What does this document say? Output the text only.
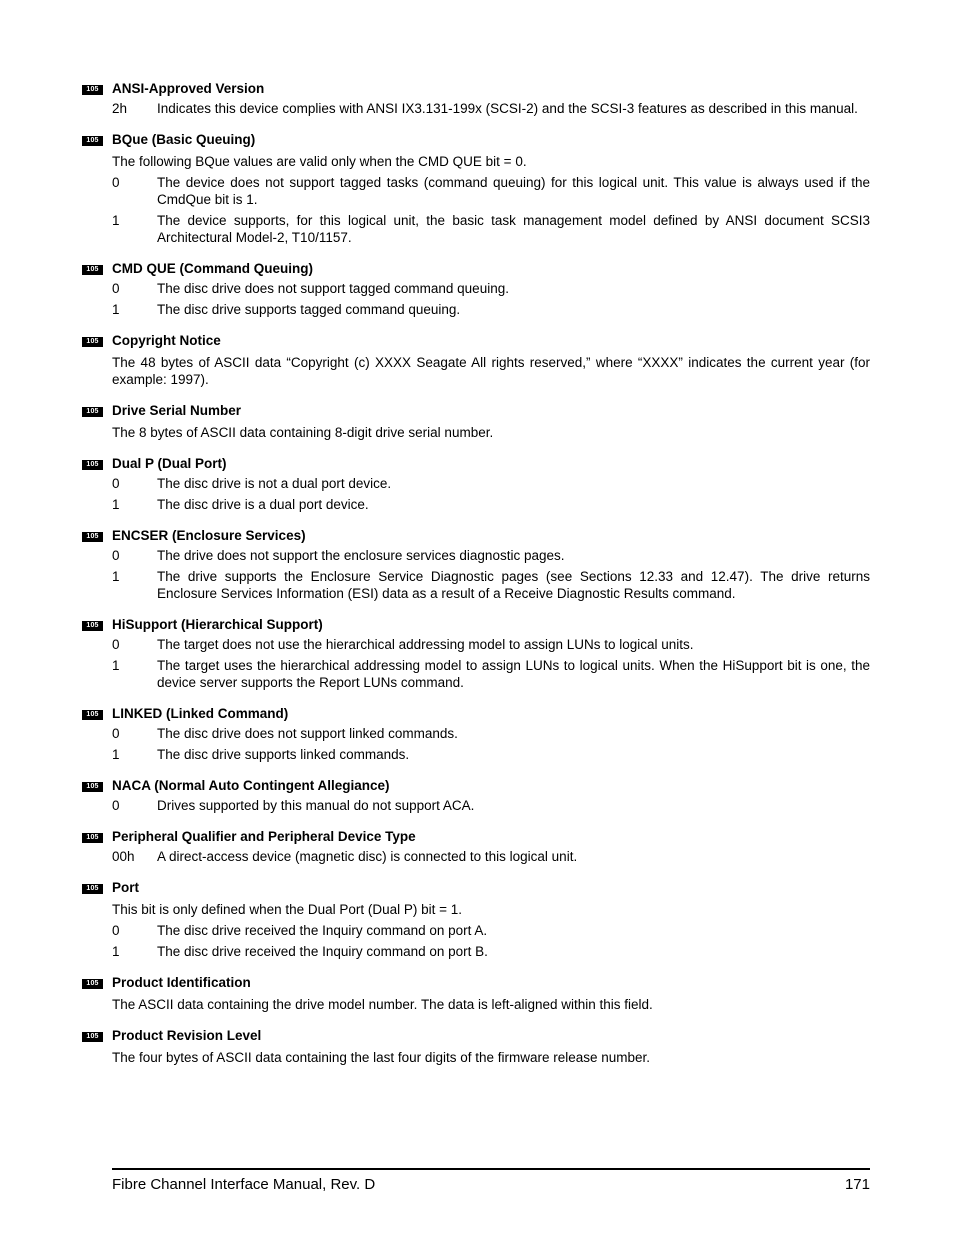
105 ANSI-Approved Version
2h	Indicates this device complies with ANSI IX3.131-199x (SCSI-2) and the SCSI-3 features as described in this manual.
105 BQue (Basic Queuing)
The following BQue values are valid only when the CMD QUE bit = 0.
0	The device does not support tagged tasks (command queuing) for this logical unit. This value is always used if the CmdQue bit is 1.
1	The device supports, for this logical unit, the basic task management model defined by ANSI document SCSI3 Architectural Model-2, T10/1157.
105 CMD QUE (Command Queuing)
0	The disc drive does not support tagged command queuing.
1	The disc drive supports tagged command queuing.
105 Copyright Notice
The 48 bytes of ASCII data “Copyright (c) XXXX Seagate All rights reserved,” where “XXXX” indicates the current year (for example: 1997).
105 Drive Serial Number
The 8 bytes of ASCII data containing 8-digit drive serial number.
105 Dual P (Dual Port)
0	The disc drive is not a dual port device.
1	The disc drive is a dual port device.
105 ENCSER (Enclosure Services)
0	The drive does not support the enclosure services diagnostic pages.
1	The drive supports the Enclosure Service Diagnostic pages (see Sections 12.33 and 12.47). The drive returns Enclosure Services Information (ESI) data as a result of a Receive Diagnostic Results command.
105 HiSupport (Hierarchical Support)
0	The target does not use the hierarchical addressing model to assign LUNs to logical units.
1	The target uses the hierarchical addressing model to assign LUNs to logical units. When the HiSupport bit is one, the device server supports the Report LUNs command.
105 LINKED (Linked Command)
0	The disc drive does not support linked commands.
1	The disc drive supports linked commands.
105 NACA (Normal Auto Contingent Allegiance)
0	Drives supported by this manual do not support ACA.
105 Peripheral Qualifier and Peripheral Device Type
00h	A direct-access device (magnetic disc) is connected to this logical unit.
105 Port
This bit is only defined when the Dual Port (Dual P) bit = 1.
0	The disc drive received the Inquiry command on port A.
1	The disc drive received the Inquiry command on port B.
105 Product Identification
The ASCII data containing the drive model number. The data is left-aligned within this field.
105 Product Revision Level
The four bytes of ASCII data containing the last four digits of the firmware release number.
Fibre Channel Interface Manual, Rev. D	171
